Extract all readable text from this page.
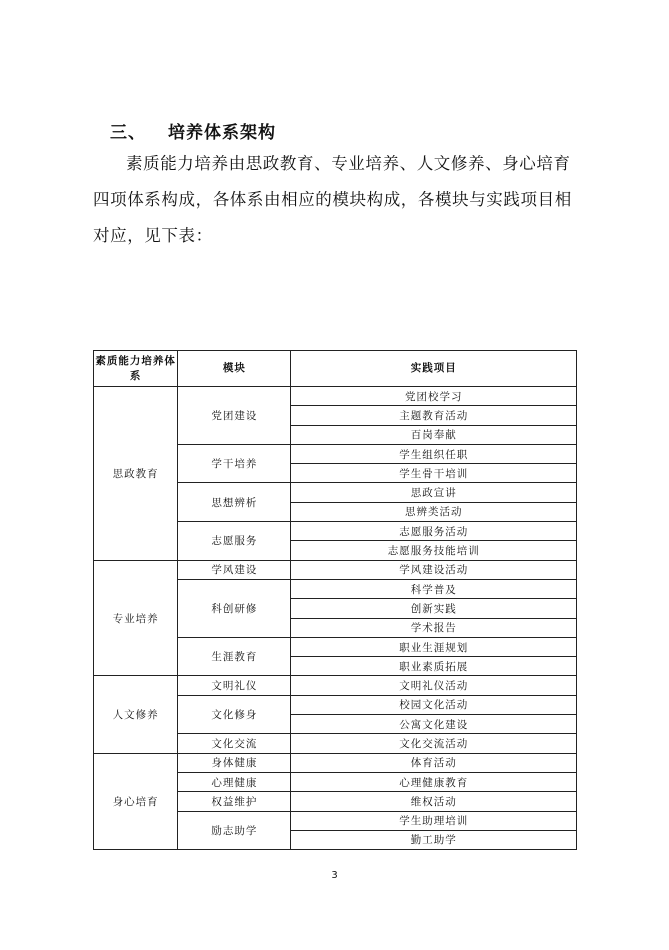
三、 培养体系架构
素质能力培养由思政教育、专业培养、人文修养、身心培育四项体系构成，各体系由相应的模块构成，各模块与实践项目相对应，见下表：
素质能力培养体系	模块	实践项目
思政教育	党团建设	党团校学习
		主题教育活动
		百岗奉献
	学干培养	学生组织任职
		学生骨干培训
	思想辨析	思政宣讲
		思辨类活动
	志愿服务	志愿服务活动
		志愿服务技能培训
专业培养	学风建设	学风建设活动
	科创研修	科学普及
		创新实践
		学术报告
	生涯教育	职业生涯规划
		职业素质拓展
人文修养	文明礼仪	文明礼仪活动
	文化修身	校园文化活动
		公寓文化建设
	文化交流	文化交流活动
身心培育	身体健康	体育活动
	心理健康	心理健康教育
	权益维护	维权活动
	励志助学	学生助理培训
		勤工助学
3
